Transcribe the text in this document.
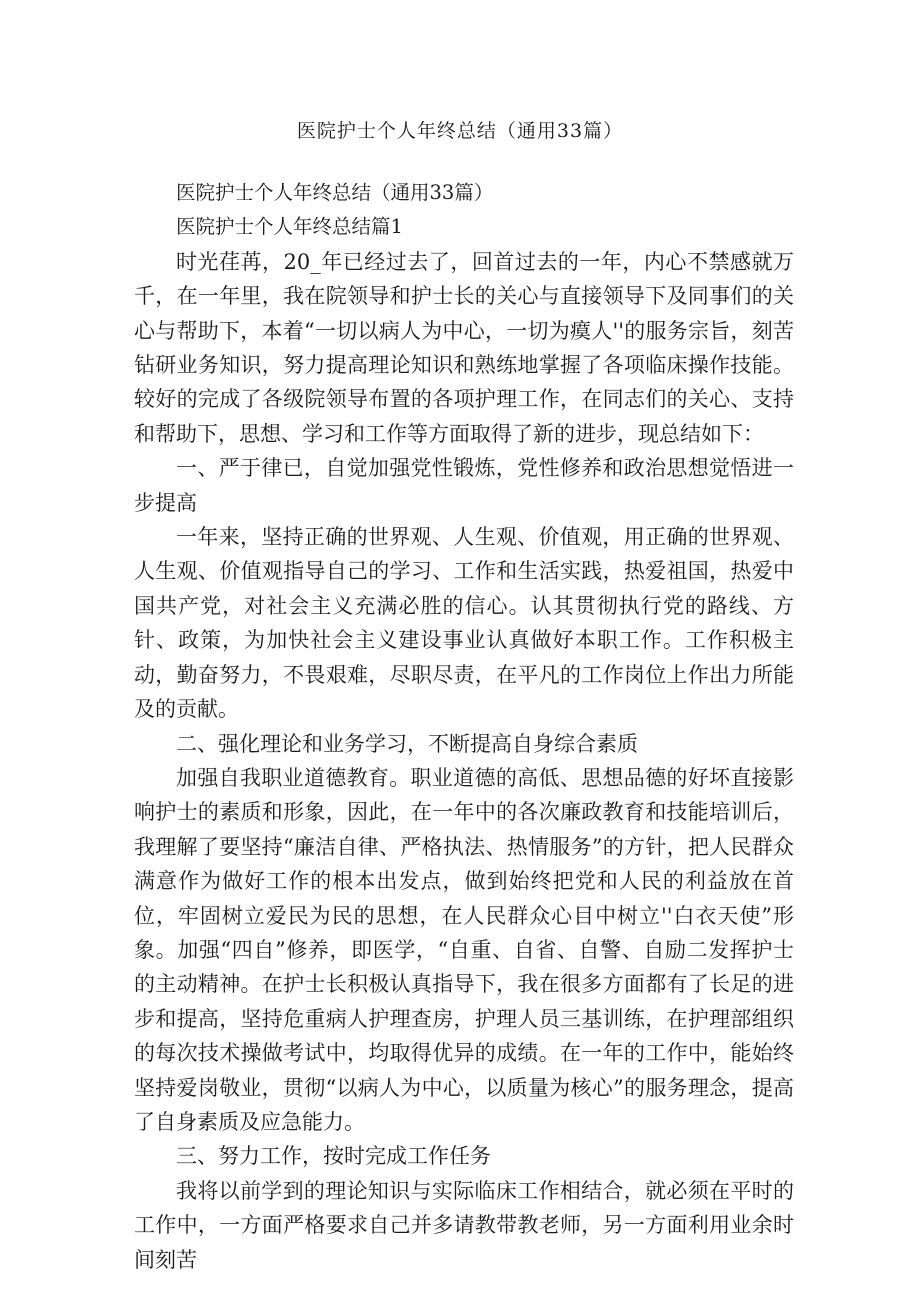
医院护士个人年终总结（通用33篇）

医院护士个人年终总结（通用33篇）

医院护士个人年终总结篇1

时光荏苒，20_年已经过去了，回首过去的一年，内心不禁感就万千，在一年里，我在院领导和护士长的关心与直接领导下及同事们的关心与帮助下，本着“一切以病人为中心，一切为瘼人''的服务宗旨，刻苦钻研业务知识，努力提高理论知识和熟练地掌握了各项临床操作技能。较好的完成了各级院领导布置的各项护理工作，在同志们的关心、支持和帮助下，思想、学习和工作等方面取得了新的进步，现总结如下：

一、严于律已，自觉加强党性锻炼，党性修养和政治思想觉悟进一步提高

一年来，坚持正确的世界观、人生观、价值观，用正确的世界观、人生观、价值观指导自己的学习、工作和生活实践，热爱祖国，热爱中国共产党，对社会主义充满必胜的信心。认其贯彻执行党的路线、方针、政策，为加快社会主义建设事业认真做好本职工作。工作积极主动，勤奋努力，不畏艰难，尽职尽责，在平凡的工作岗位上作出力所能及的贡献。

二、强化理论和业务学习，不断提高自身综合素质

加强自我职业道德教育。职业道德的高低、思想品德的好坏直接影响护士的素质和形象，因此，在一年中的各次廉政教育和技能培训后，我理解了要坚持“廉洁自律、严格执法、热情服务”的方针，把人民群众满意作为做好工作的根本出发点，做到始终把党和人民的利益放在首位，牢固树立爱民为民的思想，在人民群众心目中树立''白衣天使”形象。加强“四自”修养，即医学，“自重、自省、自警、自励二发挥护士的主动精神。在护士长积极认真指导下，我在很多方面都有了长足的进步和提高，坚持危重病人护理查房，护理人员三基训练，在护理部组织的每次技术操做考试中，均取得优异的成绩。在一年的工作中，能始终坚持爱岗敬业，贯彻“以病人为中心，以质量为核心”的服务理念，提高了自身素质及应急能力。

三、努力工作，按时完成工作任务

我将以前学到的理论知识与实际临床工作相结合，就必须在平时的工作中，一方面严格要求自己并多请教带教老师，另一方面利用业余时间刻苦
